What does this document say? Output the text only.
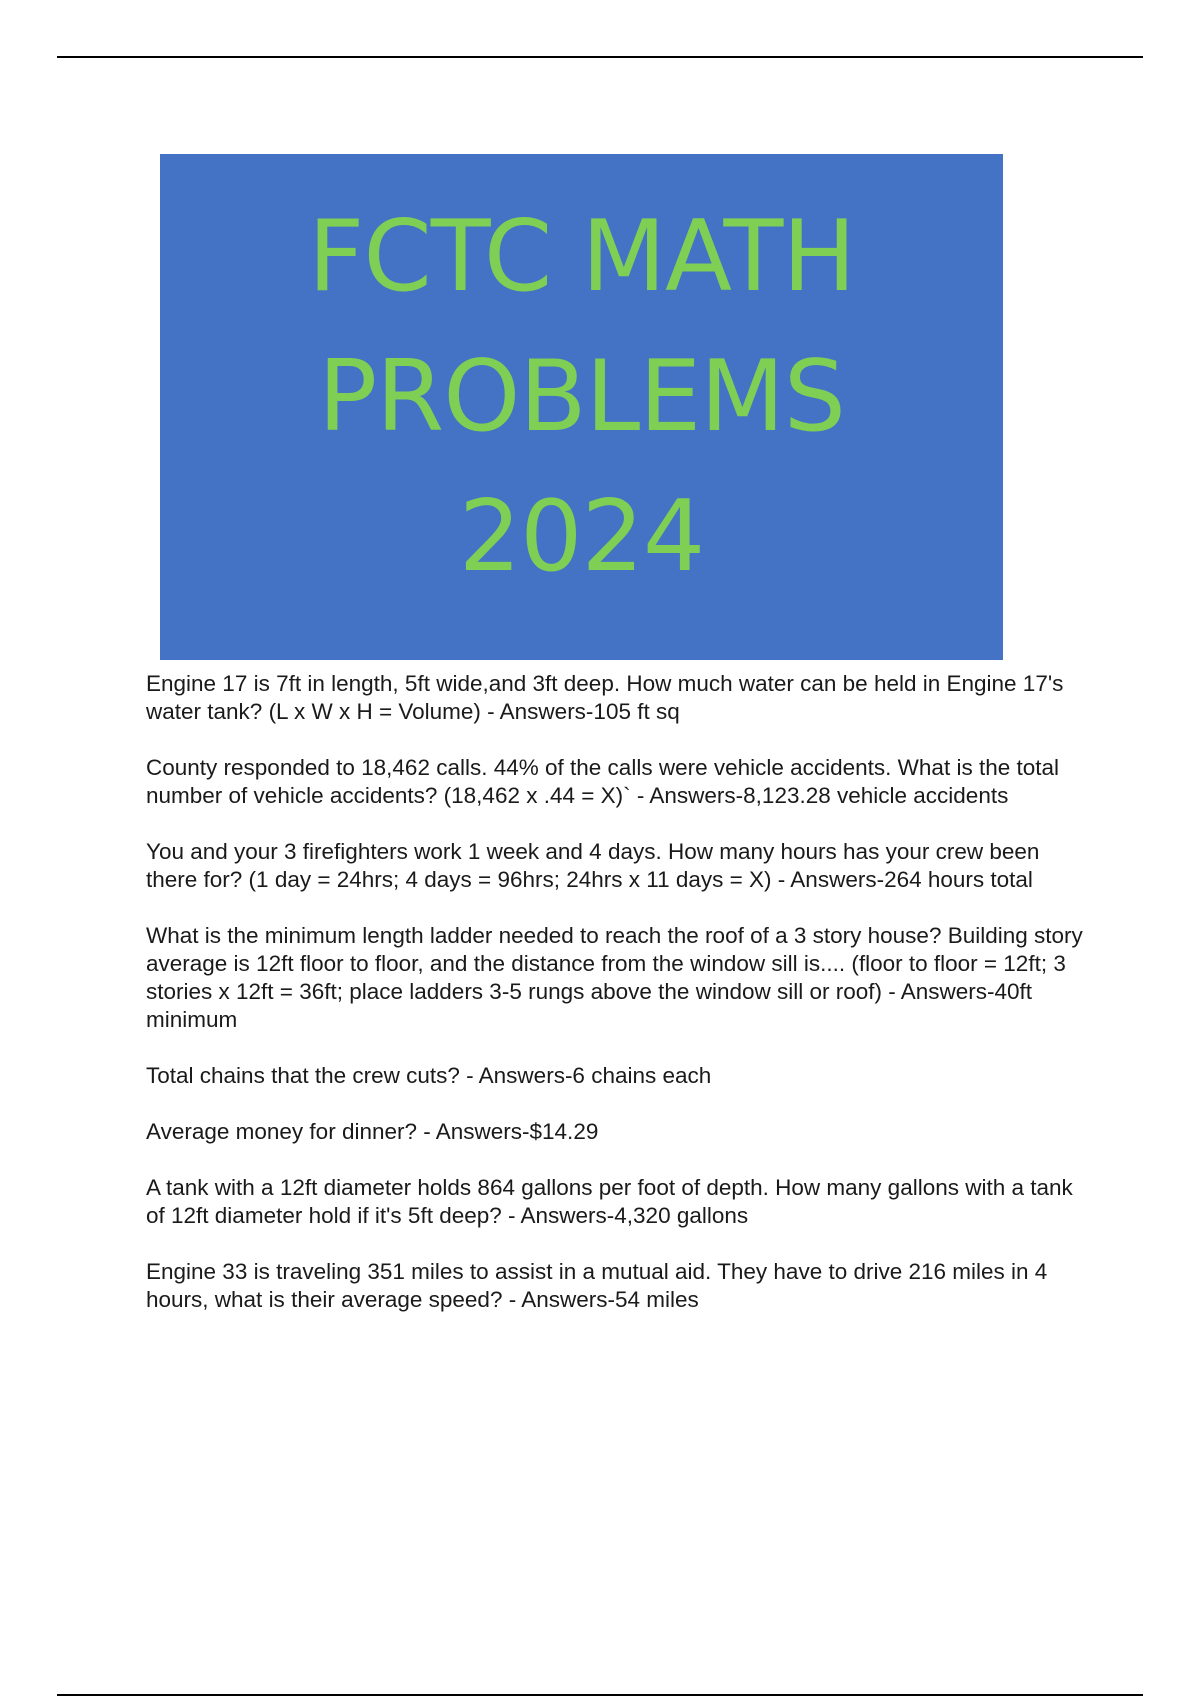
FCTC MATH
PROBLEMS
2024

Engine 17 is 7ft in length, 5ft wide,and 3ft deep. How much water can be held in Engine 17's water tank? (L x W x H = Volume) - Answers-105 ft sq

County responded to 18,462 calls. 44% of the calls were vehicle accidents. What is the total number of vehicle accidents? (18,462 x .44 = X)` - Answers-8,123.28 vehicle accidents

You and your 3 firefighters work 1 week and 4 days. How many hours has your crew been there for? (1 day = 24hrs; 4 days = 96hrs; 24hrs x 11 days = X) - Answers-264 hours total

What is the minimum length ladder needed to reach the roof of a 3 story house? Building story average is 12ft floor to floor, and the distance from the window sill is.... (floor to floor = 12ft; 3 stories x 12ft = 36ft; place ladders 3-5 rungs above the window sill or roof) - Answers-40ft minimum

Total chains that the crew cuts? - Answers-6 chains each

Average money for dinner? - Answers-$14.29

A tank with a 12ft diameter holds 864 gallons per foot of depth. How many gallons with a tank of 12ft diameter hold if it's 5ft deep? - Answers-4,320 gallons

Engine 33 is traveling 351 miles to assist in a mutual aid. They have to drive 216 miles in 4 hours, what is their average speed? - Answers-54 miles
